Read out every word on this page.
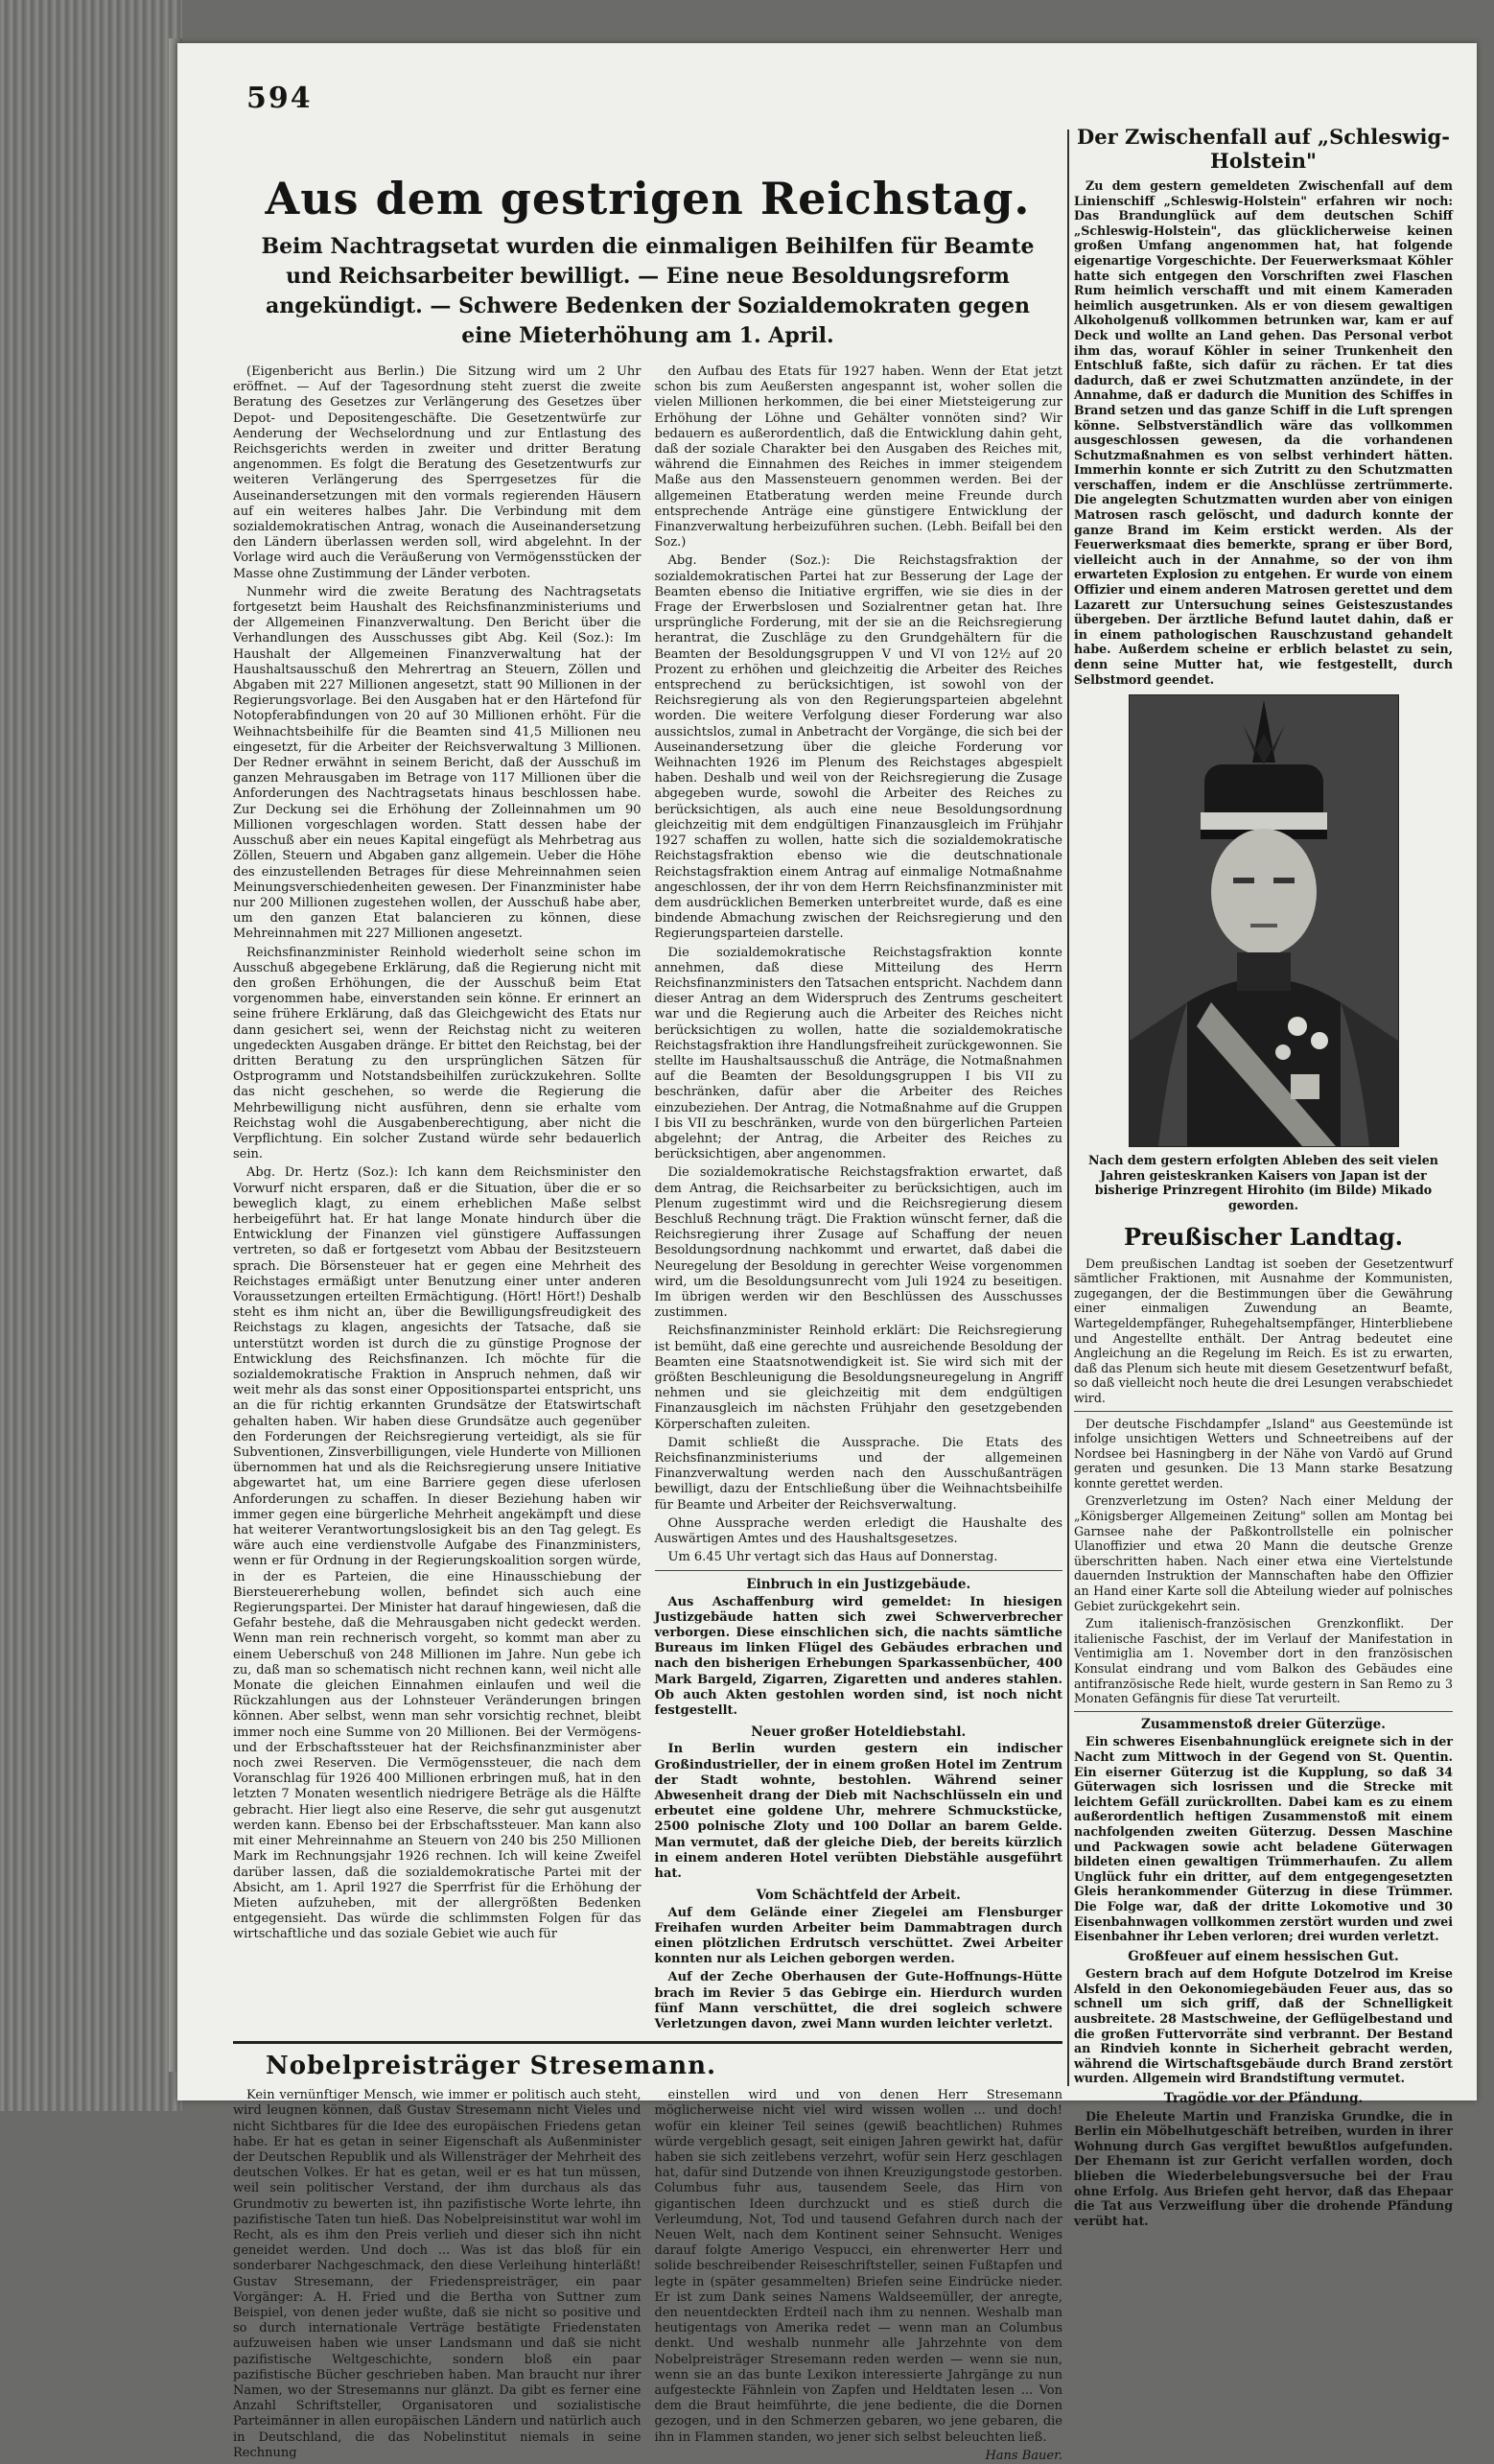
594
Aus dem gestrigen Reichstag.
Beim Nachtragsetat wurden die einmaligen Beihilfen für Beamte und Reichsarbeiter bewilligt. — Eine neue Besoldungsreform angekündigt. — Schwere Bedenken der Sozialdemokraten gegen eine Mieterhöhung am 1. April.

(Eigenbericht aus Berlin.) Die Sitzung wird um 2 Uhr eröffnet. — Auf der Tagesordnung steht zuerst die zweite Beratung des Gesetzes zur Verlängerung des Gesetzes über Depot- und Depositengeschäfte. Die Gesetzentwürfe zur Aenderung der Wechselordnung und zur Entlastung des Reichsgerichts werden in zweiter und dritter Beratung angenommen. Es folgt die Beratung des Gesetzentwurfs zur weiteren Verlängerung des Sperrgesetzes für die Auseinandersetzungen mit den vormals regierenden Häusern auf ein weiteres halbes Jahr. Die Verbindung mit dem sozialdemokratischen Antrag, wonach die Auseinandersetzung den Ländern überlassen werden soll, wird abgelehnt. In der Vorlage wird auch die Veräußerung von Vermögensstücken der Masse ohne Zustimmung der Länder verboten.

Nunmehr wird die zweite Beratung des Nachtragsetats fortgesetzt beim Haushalt des Reichsfinanzministeriums und der Allgemeinen Finanzverwaltung. Den Bericht über die Verhandlungen des Ausschusses gibt Abg. Keil (Soz.): Im Haushalt der Allgemeinen Finanzverwaltung hat der Haushaltsausschuß den Mehrertrag an Steuern, Zöllen und Abgaben mit 227 Millionen angesetzt, statt 90 Millionen in der Regierungsvorlage. Bei den Ausgaben hat er den Härtefond für Notopferabfindungen von 20 auf 30 Millionen erhöht. Für die Weihnachtsbeihilfe für die Beamten sind 41,5 Millionen neu eingesetzt, für die Arbeiter der Reichsverwaltung 3 Millionen. Der Redner erwähnt in seinem Bericht, daß der Ausschuß im ganzen Mehrausgaben im Betrage von 117 Millionen über die Anforderungen des Nachtragsetats hinaus beschlossen habe. Zur Deckung sei die Erhöhung der Zolleinnahmen um 90 Millionen vorgeschlagen worden. Statt dessen habe der Ausschuß aber ein neues Kapital eingefügt als Mehrbetrag aus Zöllen, Steuern und Abgaben ganz allgemein. Ueber die Höhe des einzustellenden Betrages für diese Mehreinnahmen seien Meinungsverschiedenheiten gewesen. Der Finanzminister habe nur 200 Millionen zugestehen wollen, der Ausschuß habe aber, um den ganzen Etat balancieren zu können, diese Mehreinnahmen mit 227 Millionen angesetzt.

Reichsfinanzminister Reinhold wiederholt seine schon im Ausschuß abgegebene Erklärung, daß die Regierung nicht mit den großen Erhöhungen, die der Ausschuß beim Etat vorgenommen habe, einverstanden sein könne. Er erinnert an seine frühere Erklärung, daß das Gleichgewicht des Etats nur dann gesichert sei, wenn der Reichstag nicht zu weiteren ungedeckten Ausgaben dränge. Er bittet den Reichstag, bei der dritten Beratung zu den ursprünglichen Sätzen für Ostprogramm und Notstandsbeihilfen zurückzukehren. Sollte das nicht geschehen, so werde die Regierung die Mehrbewilligung nicht ausführen, denn sie erhalte vom Reichstag wohl die Ausgabenberechtigung, aber nicht die Verpflichtung. Ein solcher Zustand würde sehr bedauerlich sein.

Abg. Dr. Hertz (Soz.): Ich kann dem Reichsminister den Vorwurf nicht ersparen, daß er die Situation, über die er so beweglich klagt, zu einem erheblichen Maße selbst herbeigeführt hat. Er hat lange Monate hindurch über die Entwicklung der Finanzen viel günstigere Auffassungen vertreten, so daß er fortgesetzt vom Abbau der Besitzsteuern sprach. Die Börsensteuer hat er gegen eine Mehrheit des Reichstages ermäßigt unter Benutzung einer unter anderen Voraussetzungen erteilten Ermächtigung. (Hört! Hört!) Deshalb steht es ihm nicht an, über die Bewilligungsfreudigkeit des Reichstags zu klagen, angesichts der Tatsache, daß sie unterstützt worden ist durch die zu günstige Prognose der Entwicklung des Reichsfinanzen. Ich möchte für die sozialdemokratische Fraktion in Anspruch nehmen, daß wir weit mehr als das sonst einer Oppositionspartei entspricht, uns an die für richtig erkannten Grundsätze der Etatswirtschaft gehalten haben. Wir haben diese Grundsätze auch gegenüber den Forderungen der Reichsregierung verteidigt, als sie für Subventionen, Zinsverbilligungen, viele Hunderte von Millionen übernommen hat und als die Reichsregierung unsere Initiative abgewartet hat, um eine Barriere gegen diese uferlosen Anforderungen zu schaffen. In dieser Beziehung haben wir immer gegen eine bürgerliche Mehrheit angekämpft und diese hat weiterer Verantwortungslosigkeit bis an den Tag gelegt. Es wäre auch eine verdienstvolle Aufgabe des Finanzministers, wenn er für Ordnung in der Regierungskoalition sorgen würde, in der es Parteien, die eine Hinausschiebung der Biersteuererhebung wollen, befindet sich auch eine Regierungspartei. Der Minister hat darauf hingewiesen, daß die Gefahr bestehe, daß die Mehrausgaben nicht gedeckt werden. Wenn man rein rechnerisch vorgeht, so kommt man aber zu einem Ueberschuß von 248 Millionen im Jahre. Nun gebe ich zu, daß man so schematisch nicht rechnen kann, weil nicht alle Monate die gleichen Einnahmen einlaufen und weil die Rückzahlungen aus der Lohnsteuer Veränderungen bringen können. Aber selbst, wenn man sehr vorsichtig rechnet, bleibt immer noch eine Summe von 20 Millionen. Bei der Vermögens- und der Erbschaftssteuer hat der Reichsfinanzminister aber noch zwei Reserven. Die Vermögenssteuer, die nach dem Voranschlag für 1926 400 Millionen erbringen muß, hat in den letzten 7 Monaten wesentlich niedrigere Beträge als die Hälfte gebracht. Hier liegt also eine Reserve, die sehr gut ausgenutzt werden kann. Ebenso bei der Erbschaftssteuer. Man kann also mit einer Mehreinnahme an Steuern von 240 bis 250 Millionen Mark im Rechnungsjahr 1926 rechnen. Ich will keine Zweifel darüber lassen, daß die sozialdemokratische Partei mit der Absicht, am 1. April 1927 die Sperrfrist für die Erhöhung der Mieten aufzuheben, mit der allergrößten Bedenken entgegensieht. Das würde die schlimmsten Folgen für das wirtschaftliche und das soziale Gebiet wie auch für

den Aufbau des Etats für 1927 haben. Wenn der Etat jetzt schon bis zum Aeußersten angespannt ist, woher sollen die vielen Millionen herkommen, die bei einer Mietsteigerung zur Erhöhung der Löhne und Gehälter vonnöten sind? Wir bedauern es außerordentlich, daß die Entwicklung dahin geht, daß der soziale Charakter bei den Ausgaben des Reiches mit, während die Einnahmen des Reiches in immer steigendem Maße aus den Massensteuern genommen werden. Bei der allgemeinen Etatberatung werden meine Freunde durch entsprechende Anträge eine günstigere Entwicklung der Finanzverwaltung herbeizuführen suchen. (Lebh. Beifall bei den Soz.)

Abg. Bender (Soz.): Die Reichstagsfraktion der sozialdemokratischen Partei hat zur Besserung der Lage der Beamten ebenso die Initiative ergriffen, wie sie dies in der Frage der Erwerbslosen und Sozialrentner getan hat. Ihre ursprüngliche Forderung, mit der sie an die Reichsregierung herantrat, die Zuschläge zu den Grundgehältern für die Beamten der Besoldungsgruppen V und VI von 12½ auf 20 Prozent zu erhöhen und gleichzeitig die Arbeiter des Reiches entsprechend zu berücksichtigen, ist sowohl von der Reichsregierung als von den Regierungsparteien abgelehnt worden. Die weitere Verfolgung dieser Forderung war also aussichtslos, zumal in Anbetracht der Vorgänge, die sich bei der Auseinandersetzung über die gleiche Forderung vor Weihnachten 1926 im Plenum des Reichstages abgespielt haben. Deshalb und weil von der Reichsregierung die Zusage abgegeben wurde, sowohl die Arbeiter des Reiches zu berücksichtigen, als auch eine neue Besoldungsordnung gleichzeitig mit dem endgültigen Finanzausgleich im Frühjahr 1927 schaffen zu wollen, hatte sich die sozialdemokratische Reichstagsfraktion ebenso wie die deutschnationale Reichstagsfraktion einem Antrag auf einmalige Notmaßnahme angeschlossen, der ihr von dem Herrn Reichsfinanzminister mit dem ausdrücklichen Bemerken unterbreitet wurde, daß es eine bindende Abmachung zwischen der Reichsregierung und den Regierungsparteien darstelle.

Die sozialdemokratische Reichstagsfraktion konnte annehmen, daß diese Mitteilung des Herrn Reichsfinanzministers den Tatsachen entspricht. Nachdem dann dieser Antrag an dem Widerspruch des Zentrums gescheitert war und die Regierung auch die Arbeiter des Reiches nicht berücksichtigen zu wollen, hatte die sozialdemokratische Reichstagsfraktion ihre Handlungsfreiheit zurückgewonnen. Sie stellte im Haushaltsausschuß die Anträge, die Notmaßnahmen auf die Beamten der Besoldungsgruppen I bis VII zu beschränken, dafür aber die Arbeiter des Reiches einzubeziehen. Der Antrag, die Notmaßnahme auf die Gruppen I bis VII zu beschränken, wurde von den bürgerlichen Parteien abgelehnt; der Antrag, die Arbeiter des Reiches zu berücksichtigen, aber angenommen.

Die sozialdemokratische Reichstagsfraktion erwartet, daß dem Antrag, die Reichsarbeiter zu berücksichtigen, auch im Plenum zugestimmt wird und die Reichsregierung diesem Beschluß Rechnung trägt. Die Fraktion wünscht ferner, daß die Reichsregierung ihrer Zusage auf Schaffung der neuen Besoldungsordnung nachkommt und erwartet, daß dabei die Neuregelung der Besoldung in gerechter Weise vorgenommen wird, um die Besoldungsunrecht vom Juli 1924 zu beseitigen. Im übrigen werden wir den Beschlüssen des Ausschusses zustimmen.

Reichsfinanzminister Reinhold erklärt: Die Reichsregierung ist bemüht, daß eine gerechte und ausreichende Besoldung der Beamten eine Staatsnotwendigkeit ist. Sie wird sich mit der größten Beschleunigung die Besoldungsneuregelung in Angriff nehmen und sie gleichzeitig mit dem endgültigen Finanzausgleich im nächsten Frühjahr den gesetzgebenden Körperschaften zuleiten.

Damit schließt die Aussprache. Die Etats des Reichsfinanzministeriums und der allgemeinen Finanzverwaltung werden nach den Ausschußanträgen bewilligt, dazu der Entschließung über die Weihnachtsbeihilfe für Beamte und Arbeiter der Reichsverwaltung.

Ohne Aussprache werden erledigt die Haushalte des Auswärtigen Amtes und des Haushaltsgesetzes.

Um 6.45 Uhr vertagt sich das Haus auf Donnerstag.

Einbruch in ein Justizgebäude.

Aus Aschaffenburg wird gemeldet: In hiesigen Justizgebäude hatten sich zwei Schwerverbrecher verborgen. Diese einschlichen sich, die nachts sämtliche Bureaus im linken Flügel des Gebäudes erbrachen und nach den bisherigen Erhebungen Sparkassenbücher, 400 Mark Bargeld, Zigarren, Zigaretten und anderes stahlen. Ob auch Akten gestohlen worden sind, ist noch nicht festgestellt.

Neuer großer Hoteldiebstahl.

In Berlin wurden gestern ein indischer Großindustrieller, der in einem großen Hotel im Zentrum der Stadt wohnte, bestohlen. Während seiner Abwesenheit drang der Dieb mit Nachschlüsseln ein und erbeutet eine goldene Uhr, mehrere Schmuckstücke, 2500 polnische Zloty und 100 Dollar an barem Gelde. Man vermutet, daß der gleiche Dieb, der bereits kürzlich in einem anderen Hotel verübten Diebstähle ausgeführt hat.

Vom Schächtfeld der Arbeit.

Auf dem Gelände einer Ziegelei am Flensburger Freihafen wurden Arbeiter beim Dammabtragen durch einen plötzlichen Erdrutsch verschüttet. Zwei Arbeiter konnten nur als Leichen geborgen werden.

Auf der Zeche Oberhausen der Gute-Hoffnungs-Hütte brach im Revier 5 das Gebirge ein. Hierdurch wurden fünf Mann verschüttet, die drei sogleich schwere Verletzungen davon, zwei Mann wurden leichter verletzt.

Nobelpreisträger Stresemann.

Kein vernünftiger Mensch, wie immer er politisch auch steht, wird leugnen können, daß Gustav Stresemann nicht Vieles und nicht Sichtbares für die Idee des europäischen Friedens getan habe. Er hat es getan in seiner Eigenschaft als Außenminister der Deutschen Republik und als Willensträger der Mehrheit des deutschen Volkes. Er hat es getan, weil er es hat tun müssen, weil sein politischer Verstand, der ihm durchaus als das Grundmotiv zu bewerten ist, ihn pazifistische Worte lehrte, ihn pazifistische Taten tun hieß. Das Nobelpreisinstitut war wohl im Recht, als es ihm den Preis verlieh und dieser sich ihn nicht geneidet werden. Und doch ... Was ist das bloß für ein sonderbarer Nachgeschmack, den diese Verleihung hinterläßt! Gustav Stresemann, der Friedenspreisträger, ein paar Vorgänger: A. H. Fried und die Bertha von Suttner zum Beispiel, von denen jeder wußte, daß sie nicht so positive und so durch internationale Verträge bestätigte Friedenstaten aufzuweisen haben wie unser Landsmann und daß sie nicht pazifistische Weltgeschichte, sondern bloß ein paar pazifistische Bücher geschrieben haben. Man braucht nur ihrer Namen, wo der Stresemanns nur glänzt. Da gibt es ferner eine Anzahl Schriftsteller, Organisatoren und sozialistische Parteimänner in allen europäischen Ländern und natürlich auch in Deutschland, die das Nobelinstitut niemals in seine Rechnung

einstellen wird und von denen Herr Stresemann möglicherweise nicht viel wird wissen wollen ... und doch! wofür ein kleiner Teil seines (gewiß beachtlichen) Ruhmes würde vergeblich gesagt, seit einigen Jahren gewirkt hat, dafür haben sie sich zeitlebens verzehrt, wofür sein Herz geschlagen hat, dafür sind Dutzende von ihnen Kreuzigungstode gestorben. Columbus fuhr aus, tausendem Seele, das Hirn von gigantischen Ideen durchzuckt und es stieß durch die Verleumdung, Not, Tod und tausend Gefahren durch nach der Neuen Welt, nach dem Kontinent seiner Sehnsucht. Weniges darauf folgte Amerigo Vespucci, ein ehrenwerter Herr und solide beschreibender Reiseschriftsteller, seinen Fußtapfen und legte in (später gesammelten) Briefen seine Eindrücke nieder. Er ist zum Dank seines Namens Waldseemüller, der anregte, den neuentdeckten Erdteil nach ihm zu nennen. Weshalb man heutigentags von Amerika redet — wenn man an Columbus denkt. Und weshalb nunmehr alle Jahrzehnte von dem Nobelpreisträger Stresemann reden werden — wenn sie nun, wenn sie an das bunte Lexikon interessierte Jahrgänge zu nun aufgesteckte Fähnlein von Zapfen und Heldtaten lesen ... Von dem die Braut heimführte, die jene bediente, die die Dornen gezogen, und in den Schmerzen gebaren, wo jene gebaren, die ihn in Flammen standen, wo jener sich selbst beleuchten ließ.

Hans Bauer.
Der Zwischenfall auf „Schleswig-Holstein"

Zu dem gestern gemeldeten Zwischenfall auf dem Linienschiff „Schleswig-Holstein" erfahren wir noch: Das Brandunglück auf dem deutschen Schiff „Schleswig-Holstein", das glücklicherweise keinen großen Umfang angenommen hat, hat folgende eigenartige Vorgeschichte. Der Feuerwerksmaat Köhler hatte sich entgegen den Vorschriften zwei Flaschen Rum heimlich verschafft und mit einem Kameraden heimlich ausgetrunken. Als er von diesem gewaltigen Alkoholgenuß vollkommen betrunken war, kam er auf Deck und wollte an Land gehen. Das Personal verbot ihm das, worauf Köhler in seiner Trunkenheit den Entschluß faßte, sich dafür zu rächen. Er tat dies dadurch, daß er zwei Schutzmatten anzündete, in der Annahme, daß er dadurch die Munition des Schiffes in Brand setzen und das ganze Schiff in die Luft sprengen könne. Selbstverständlich wäre das vollkommen ausgeschlossen gewesen, da die vorhandenen Schutzmaßnahmen es von selbst verhindert hätten. Immerhin konnte er sich Zutritt zu den Schutzmatten verschaffen, indem er die Anschlüsse zertrümmerte. Die angelegten Schutzmatten wurden aber von einigen Matrosen rasch gelöscht, und dadurch konnte der ganze Brand im Keim erstickt werden. Als der Feuerwerksmaat dies bemerkte, sprang er über Bord, vielleicht auch in der Annahme, so der von ihm erwarteten Explosion zu entgehen. Er wurde von einem Offizier und einem anderen Matrosen gerettet und dem Lazarett zur Untersuchung seines Geisteszustandes übergeben. Der ärztliche Befund lautet dahin, daß er in einem pathologischen Rauschzustand gehandelt habe. Außerdem scheine er erblich belastet zu sein, denn seine Mutter hat, wie festgestellt, durch Selbstmord geendet.

Nach dem gestern erfolgten Ableben des seit vielen Jahren geisteskranken Kaisers von Japan ist der bisherige Prinzregent Hirohito (im Bilde) Mikado geworden.
Preußischer Landtag.

Dem preußischen Landtag ist soeben der Gesetzentwurf sämtlicher Fraktionen, mit Ausnahme der Kommunisten, zugegangen, der die Bestimmungen über die Gewährung einer einmaligen Zuwendung an Beamte, Wartegeldempfänger, Ruhegehaltsempfänger, Hinterbliebene und Angestellte enthält. Der Antrag bedeutet eine Angleichung an die Regelung im Reich. Es ist zu erwarten, daß das Plenum sich heute mit diesem Gesetzentwurf befaßt, so daß vielleicht noch heute die drei Lesungen verabschiedet wird.

Der deutsche Fischdampfer „Island" aus Geestemünde ist infolge unsichtigen Wetters und Schneetreibens auf der Nordsee bei Hasningberg in der Nähe von Vardö auf Grund geraten und gesunken. Die 13 Mann starke Besatzung konnte gerettet werden.

Grenzverletzung im Osten? Nach einer Meldung der „Königsberger Allgemeinen Zeitung" sollen am Montag bei Garnsee nahe der Paßkontrollstelle ein polnischer Ulanoffizier und etwa 20 Mann die deutsche Grenze überschritten haben. Nach einer etwa eine Viertelstunde dauernden Instruktion der Mannschaften habe den Offizier an Hand einer Karte soll die Abteilung wieder auf polnisches Gebiet zurückgekehrt sein.

Zum italienisch-französischen Grenzkonflikt. Der italienische Faschist, der im Verlauf der Manifestation in Ventimiglia am 1. November dort in den französischen Konsulat eindrang und vom Balkon des Gebäudes eine antifranzösische Rede hielt, wurde gestern in San Remo zu 3 Monaten Gefängnis für diese Tat verurteilt.

Zusammenstoß dreier Güterzüge.

Ein schweres Eisenbahnunglück ereignete sich in der Nacht zum Mittwoch in der Gegend von St. Quentin. Ein eiserner Güterzug ist die Kupplung, so daß 34 Güterwagen sich losrissen und die Strecke mit leichtem Gefäll zurückrollten. Dabei kam es zu einem außerordentlich heftigen Zusammenstoß mit einem nachfolgenden zweiten Güterzug. Dessen Maschine und Packwagen sowie acht beladene Güterwagen bildeten einen gewaltigen Trümmerhaufen. Zu allem Unglück fuhr ein dritter, auf dem entgegengesetzten Gleis herankommender Güterzug in diese Trümmer. Die Folge war, daß der dritte Lokomotive und 30 Eisenbahnwagen vollkommen zerstört wurden und zwei Eisenbahner ihr Leben verloren; drei wurden verletzt.

Großfeuer auf einem hessischen Gut.

Gestern brach auf dem Hofgute Dotzelrod im Kreise Alsfeld in den Oekonomiegebäuden Feuer aus, das so schnell um sich griff, daß der Schnelligkeit ausbreitete. 28 Mastschweine, der Geflügelbestand und die großen Futtervorräte sind verbrannt. Der Bestand an Rindvieh konnte in Sicherheit gebracht werden, während die Wirtschaftsgebäude durch Brand zerstört wurden. Allgemein wird Brandstiftung vermutet.

Tragödie vor der Pfändung.

Die Eheleute Martin und Franziska Grundke, die in Berlin ein Möbelhutgeschäft betreiben, wurden in ihrer Wohnung durch Gas vergiftet bewußtlos aufgefunden. Der Ehemann ist zur Gericht verfallen worden, doch blieben die Wiederbelebungsversuche bei der Frau ohne Erfolg. Aus Briefen geht hervor, daß das Ehepaar die Tat aus Verzweiflung über die drohende Pfändung verübt hat.
